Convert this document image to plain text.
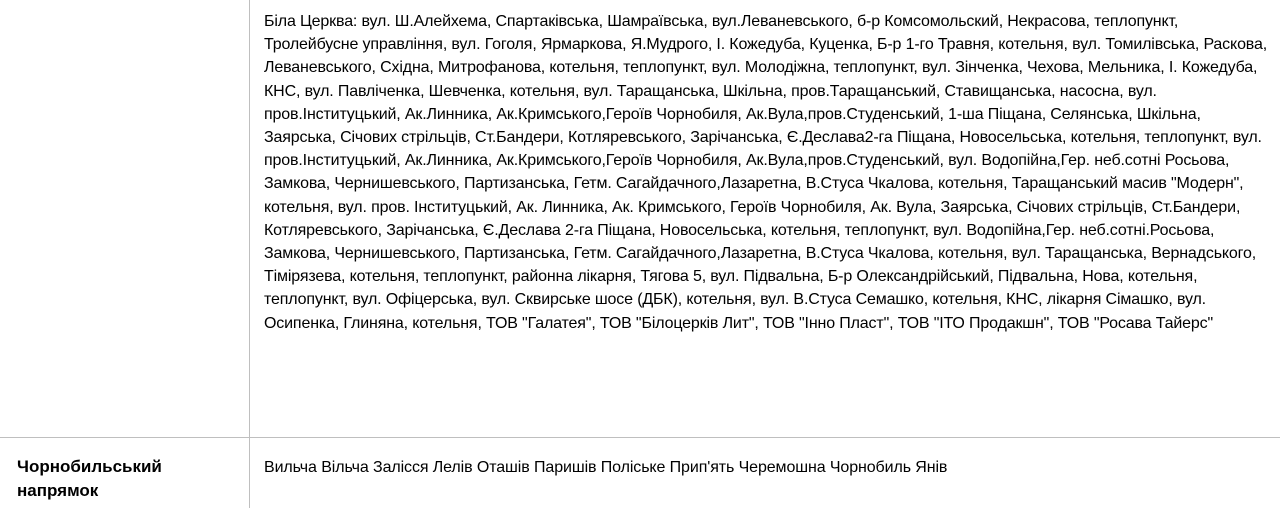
	Біла Церква: вул. Ш.Алейхема, Спартаківська, Шамраївська, вул.Леваневського, б-р Комсомольский, Некрасова, теплопункт, Тролейбусне управління, вул. Гоголя, Ярмаркова, Я.Мудрого, І. Кожедуба, Куценка, Б-р 1-го Травня, котельня, вул. Томилівська, Раскова, Леваневського, Східна, Митрофанова, котельня, теплопункт, вул. Молодіжна, теплопункт, вул. Зінченка, Чехова, Мельника, І. Кожедуба, КНС, вул. Павліченка, Шевченка, котельня, вул. Таращанська, Шкільна, пров.Таращанський, Ставищанська, насосна, вул. пров.Інституцький, Ак.Линника, Ак.Кримського,Героїв Чорнобиля, Ак.Вула,пров.Студенський, 1-ша Піщана, Селянська, Шкільна, Заярська, Січових стрільців, Ст.Бандери, Котляревського, Зарічанська, Є.Деслава2-га Піщана, Новосельська, котельня, теплопункт, вул. пров.Інституцький, Ак.Линника, Ак.Кримського,Героїв Чорнобиля, Ак.Вула,пров.Студенський, вул. Водопійна,Гер. неб.сотні Росьова, Замкова, Чернишевського, Партизанська, Гетм. Сагайдачного,Лазаретна, В.Стуса Чкалова, котельня, Таращанський масив "Модерн", котельня, вул. пров. Інституцький, Ак. Линника, Ак. Кримського, Героїв Чорнобиля, Ак. Вула, Заярська, Січових стрільців, Ст.Бандери, Котляревського, Зарічанська, Є.Деслава 2-га Піщана, Новосельська, котельня, теплопункт, вул. Водопійна,Гер. неб.сотні.Росьова, Замкова, Чернишевського, Партизанська, Гетм. Сагайдачного,Лазаретна, В.Стуса Чкалова, котельня, вул. Таращанська, Вернадського, Тімірязева, котельня, теплопункт, районна лікарня, Тягова 5, вул. Підвальна, Б-р Олександрійський, Підвальна, Нова, котельня, теплопункт, вул. Офіцерська, вул. Сквирське шосе (ДБК), котельня, вул. В.Стуса Семашко, котельня, КНС, лікарня Сімашко, вул. Осипенка, Глиняна, котельня, ТОВ "Галатея", ТОВ "Білоцерків Лит", ТОВ "Інно Пласт", ТОВ "ІТО Продакшн", ТОВ "Росава Тайерс"

Чорнобильський напрямок	Вильча Вільча Залісся Лелів Оташів Паришів Поліське Прип'ять Черемошна Чорнобиль Янів
